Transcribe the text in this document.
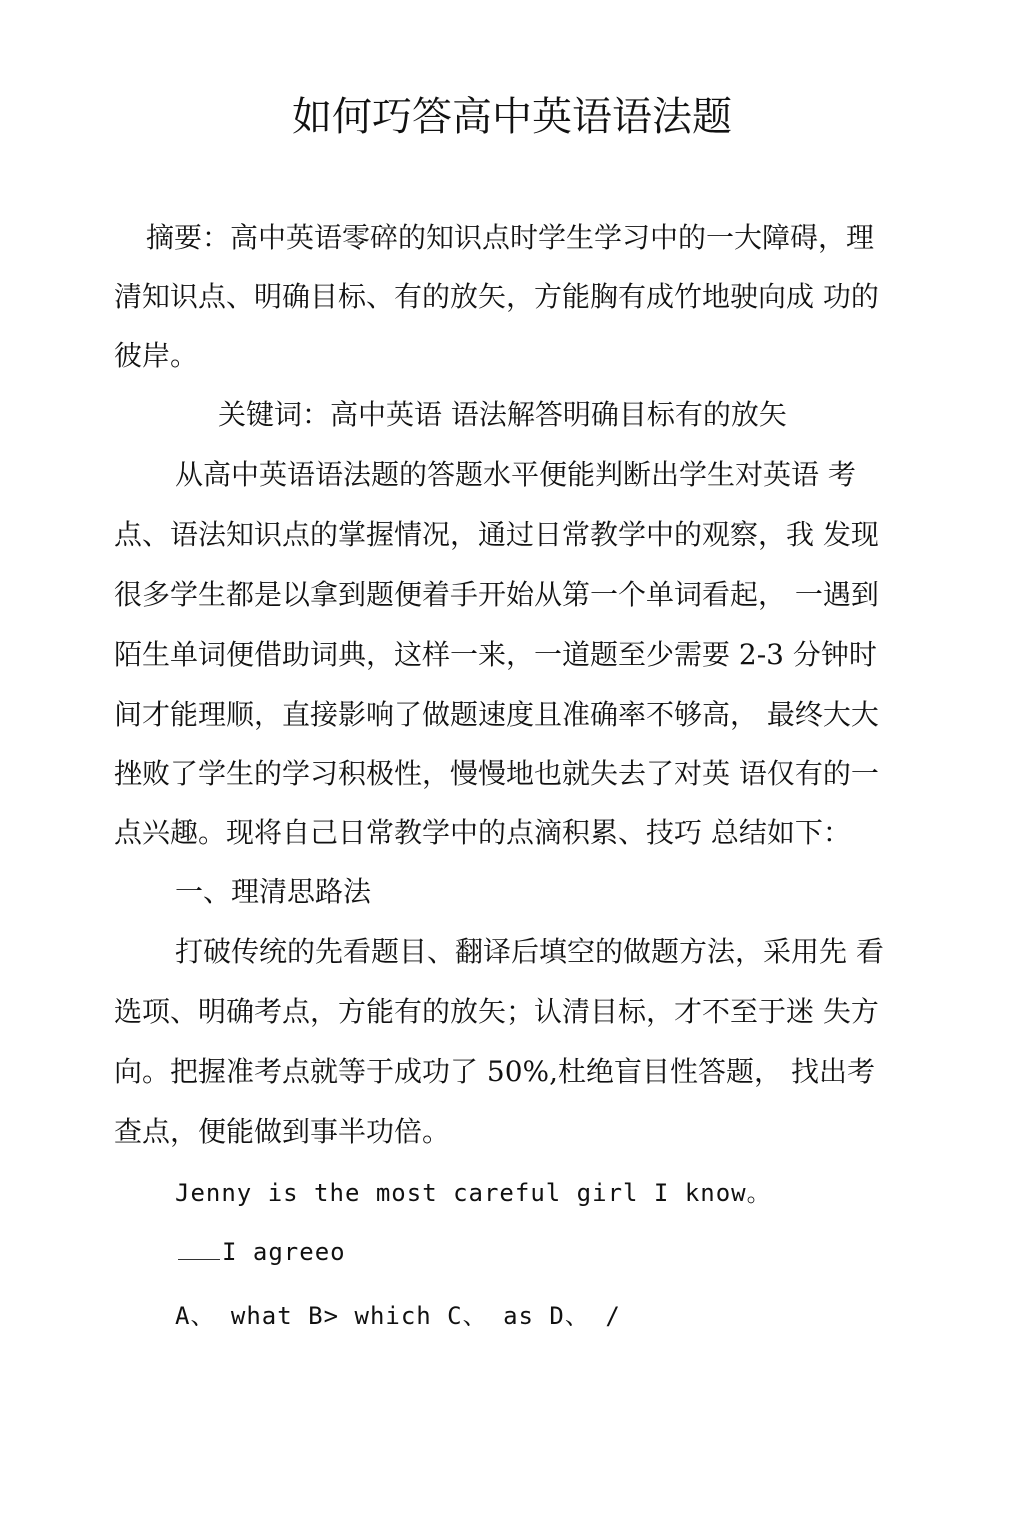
如何巧答高中英语语法题

摘要：高中英语零碎的知识点时学生学习中的一大障碍，理

清知识点、明确目标、有的放矢，方能胸有成竹地驶向成 功的

彼岸。

关键词：高中英语 语法解答明确目标有的放矢

从高中英语语法题的答题水平便能判断出学生对英语 考

点、语法知识点的掌握情况，通过日常教学中的观察，我 发现

很多学生都是以拿到题便着手开始从第一个单词看起， 一遇到

陌生单词便借助词典，这样一来，一道题至少需要 2-3 分钟时

间才能理顺，直接影响了做题速度且准确率不够高， 最终大大

挫败了学生的学习积极性，慢慢地也就失去了对英 语仅有的一

点兴趣。现将自己日常教学中的点滴积累、技巧 总结如下：

一、理清思路法

打破传统的先看题目、翻译后填空的做题方法，采用先 看

选项、明确考点，方能有的放矢；认清目标，才不至于迷 失方

向。把握准考点就等于成功了 50%,杜绝盲目性答题， 找出考

查点，便能做到事半功倍。

Jenny is the most careful girl I know。

I agreeo

A、 what B> which C、 as D、 /
